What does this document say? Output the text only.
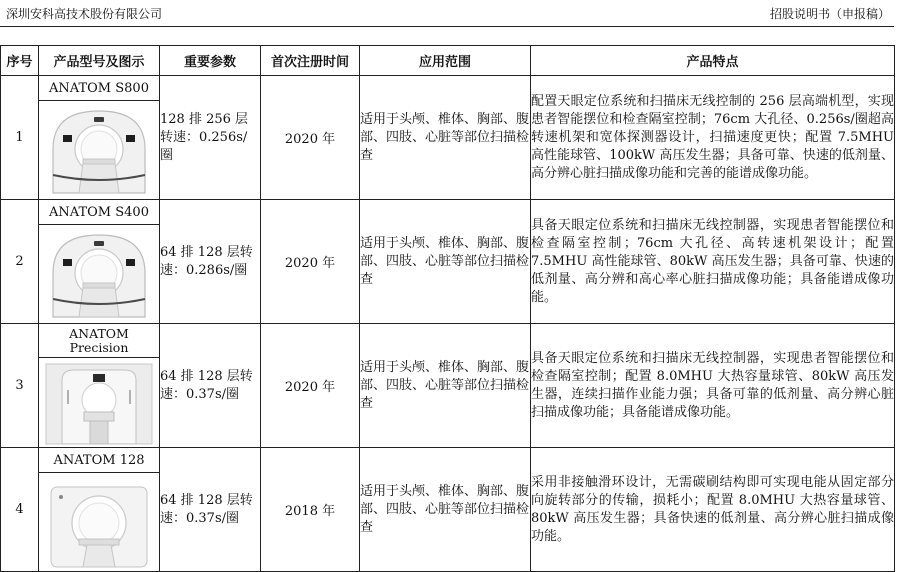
深圳安科高技术股份有限公司	招股说明书（申报稿）
序号	产品型号及图示	重要参数	首次注册时间	应用范围	产品特点
1	ANATOM S800	128 排 256 层转速：0.256s/圈	2020 年	适用于头颅、椎体、胸部、腹部、四肢、心脏等部位扫描检查	配置天眼定位系统和扫描床无线控制的 256 层高端机型，实现患者智能摆位和检查隔室控制；76cm 大孔径、0.256s/圈超高转速机架和宽体探测器设计，扫描速度更快；配置 7.5MHU 高性能球管、100kW 高压发生器；具备可靠、快速的低剂量、高分辨心脏扫描成像功能和完善的能谱成像功能。
2	ANATOM S400	64 排 128 层转速：0.286s/圈	2020 年	适用于头颅、椎体、胸部、腹部、四肢、心脏等部位扫描检查	具备天眼定位系统和扫描床无线控制器，实现患者智能摆位和检查隔室控制；76cm 大孔径、高转速机架设计；配置 7.5MHU 高性能球管、80kW 高压发生器；具备可靠、快速的低剂量、高分辨和高心率心脏扫描成像功能；具备能谱成像功能。
3	ANATOM Precision	64 排 128 层转速：0.37s/圈	2020 年	适用于头颅、椎体、胸部、腹部、四肢、心脏等部位扫描检查	具备天眼定位系统和扫描床无线控制器，实现患者智能摆位和检查隔室控制；配置 8.0MHU 大热容量球管、80kW 高压发生器，连续扫描作业能力强；具备可靠的低剂量、高分辨心脏扫描成像功能；具备能谱成像功能。
4	ANATOM 128	64 排 128 层转速：0.37s/圈	2018 年	适用于头颅、椎体、胸部、腹部、四肢、心脏等部位扫描检查	采用非接触滑环设计，无需碳刷结构即可实现电能从固定部分向旋转部分的传输，损耗小；配置 8.0MHU 大热容量球管、80kW 高压发生器；具备快速的低剂量、高分辨心脏扫描成像功能。
